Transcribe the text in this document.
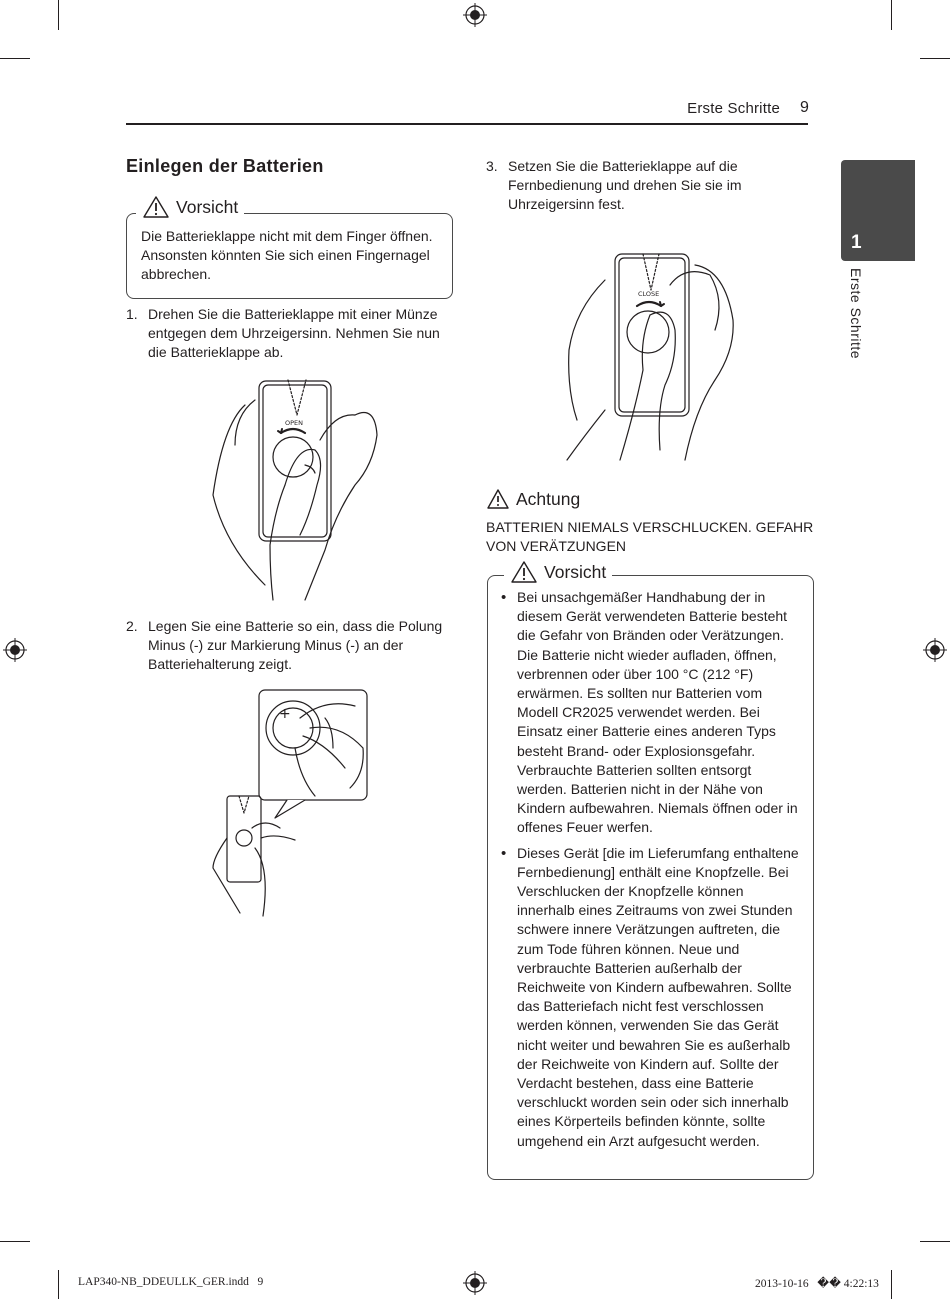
Erste Schritte 9
1
Erste Schritte
Einlegen der Batterien
Vorsicht
Die Batterieklappe nicht mit dem Finger öffnen. Ansonsten könnten Sie sich einen Fingernagel abbrechen.
1. Drehen Sie die Batterieklappe mit einer Münze entgegen dem Uhrzeigersinn. Nehmen Sie nun die Batterieklappe ab.
OPEN
2. Legen Sie eine Batterie so ein, dass die Polung Minus (-) zur Markierung Minus (-) an der Batteriehalterung zeigt.
+
3. Setzen Sie die Batterieklappe auf die Fernbedienung und drehen Sie sie im Uhrzeigersinn fest.
CLOSE
Achtung
BATTERIEN NIEMALS VERSCHLUCKEN. GEFAHR VON VERÄTZUNGEN
Vorsicht
• Bei unsachgemäßer Handhabung der in diesem Gerät verwendeten Batterie besteht die Gefahr von Bränden oder Verätzungen. Die Batterie nicht wieder aufladen, öffnen, verbrennen oder über 100 °C (212 °F) erwärmen. Es sollten nur Batterien vom Modell CR2025 verwendet werden. Bei Einsatz einer Batterie eines anderen Typs besteht Brand- oder Explosionsgefahr. Verbrauchte Batterien sollten entsorgt werden. Batterien nicht in der Nähe von Kindern aufbewahren. Niemals öffnen oder in offenes Feuer werfen.
• Dieses Gerät [die im Lieferumfang enthaltene Fernbedienung] enthält eine Knopfzelle. Bei Verschlucken der Knopfzelle können innerhalb eines Zeitraums von zwei Stunden schwere innere Verätzungen auftreten, die zum Tode führen können. Neue und verbrauchte Batterien außerhalb der Reichweite von Kindern aufbewahren. Sollte das Batteriefach nicht fest verschlossen werden können, verwenden Sie das Gerät nicht weiter und bewahren Sie es außerhalb der Reichweite von Kindern auf. Sollte der Verdacht bestehen, dass eine Batterie verschluckt worden sein oder sich innerhalb eines Körperteils befinden könnte, sollte umgehend ein Arzt aufgesucht werden.
LAP340-NB_DDEULLK_GER.indd   9	2013-10-16   �� 4:22:13
